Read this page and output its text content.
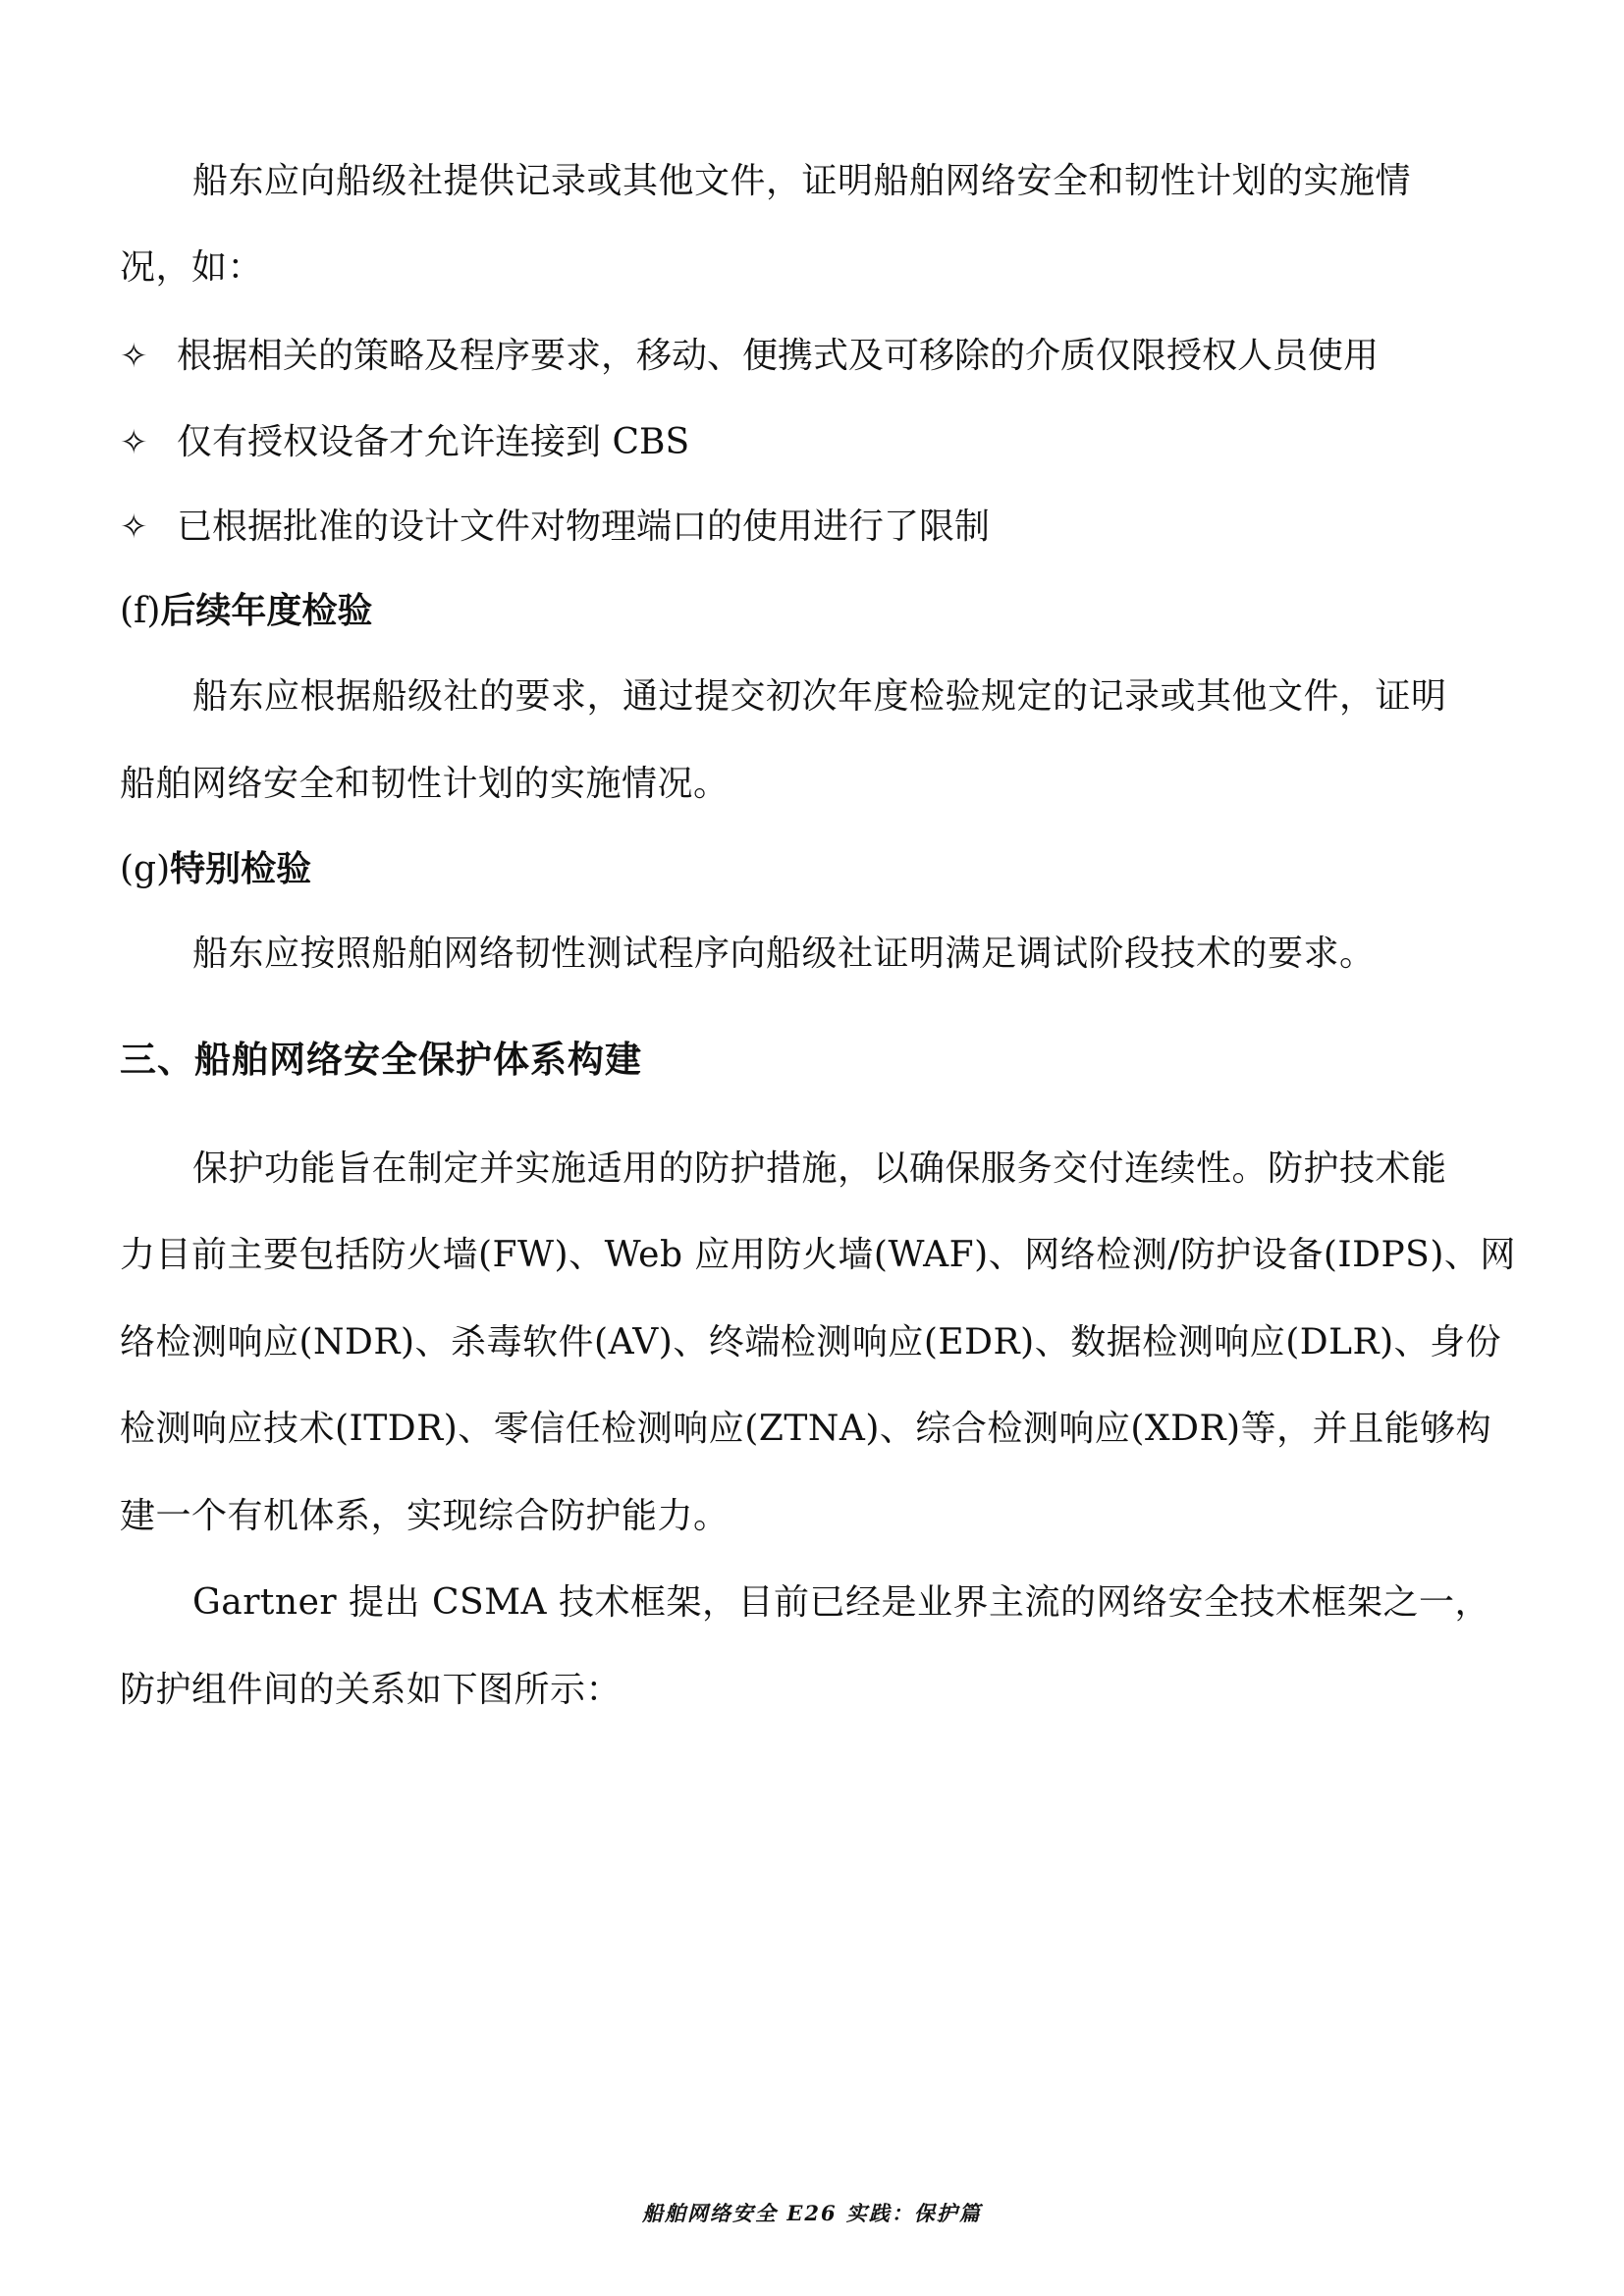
船东应向船级社提供记录或其他文件，证明船舶网络安全和韧性计划的实施情
况，如：
✧ 根据相关的策略及程序要求，移动、便携式及可移除的介质仅限授权人员使用
✧ 仅有授权设备才允许连接到 CBS
✧ 已根据批准的设计文件对物理端口的使用进行了限制
(f)后续年度检验
船东应根据船级社的要求，通过提交初次年度检验规定的记录或其他文件，证明
船舶网络安全和韧性计划的实施情况。
(g)特别检验
船东应按照船舶网络韧性测试程序向船级社证明满足调试阶段技术的要求。
三、船舶网络安全保护体系构建
保护功能旨在制定并实施适用的防护措施，以确保服务交付连续性。防护技术能
力目前主要包括防火墙(FW)、Web 应用防火墙(WAF)、网络检测/防护设备(IDPS)、网
络检测响应(NDR)、杀毒软件(AV)、终端检测响应(EDR)、数据检测响应(DLR)、身份
检测响应技术(ITDR)、零信任检测响应(ZTNA)、综合检测响应(XDR)等，并且能够构
建一个有机体系，实现综合防护能力。
Gartner 提出 CSMA 技术框架，目前已经是业界主流的网络安全技术框架之一，
防护组件间的关系如下图所示：
船舶网络安全 E26 实践：保护篇
